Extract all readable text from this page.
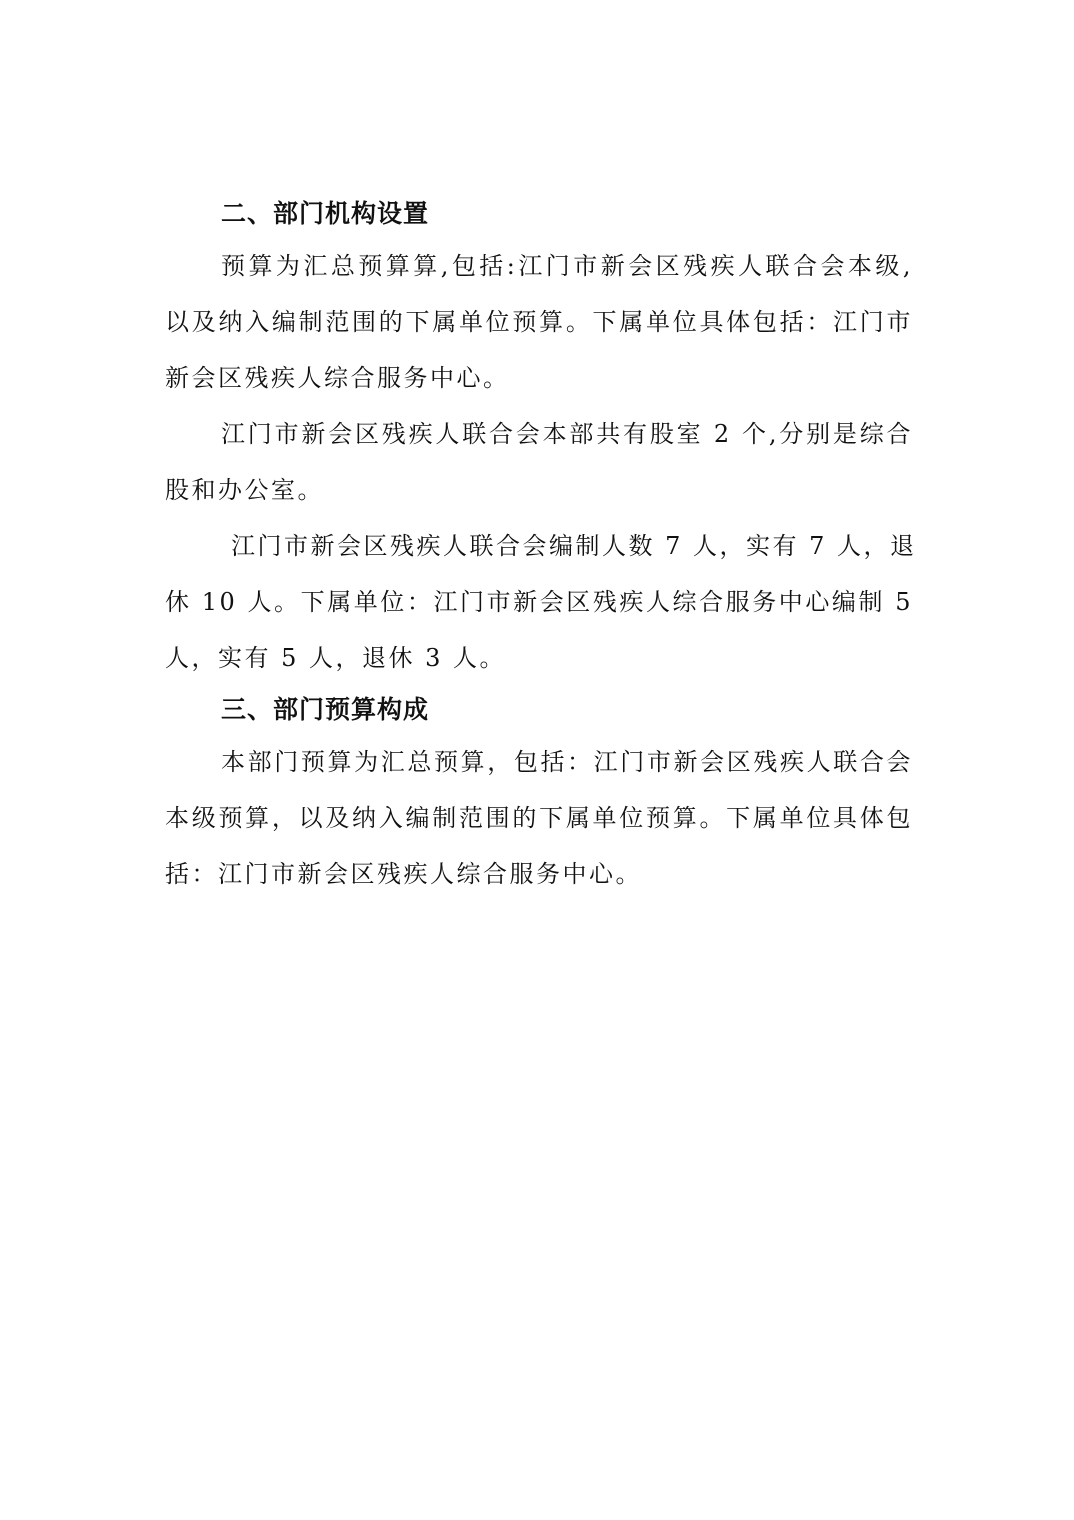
二、部门机构设置
预算为汇总预算算,包括:江门市新会区残疾人联合会本级,
以及纳入编制范围的下属单位预算。下属单位具体包括：江门市
新会区残疾人综合服务中心。
江门市新会区残疾人联合会本部共有股室 2 个,分别是综合
股和办公室。
江门市新会区残疾人联合会编制人数 7 人，实有 7 人，退
休 10 人。下属单位：江门市新会区残疾人综合服务中心编制 5
人，实有 5 人，退休 3 人。
三、部门预算构成
本部门预算为汇总预算，包括：江门市新会区残疾人联合会
本级预算，以及纳入编制范围的下属单位预算。下属单位具体包
括：江门市新会区残疾人综合服务中心。
